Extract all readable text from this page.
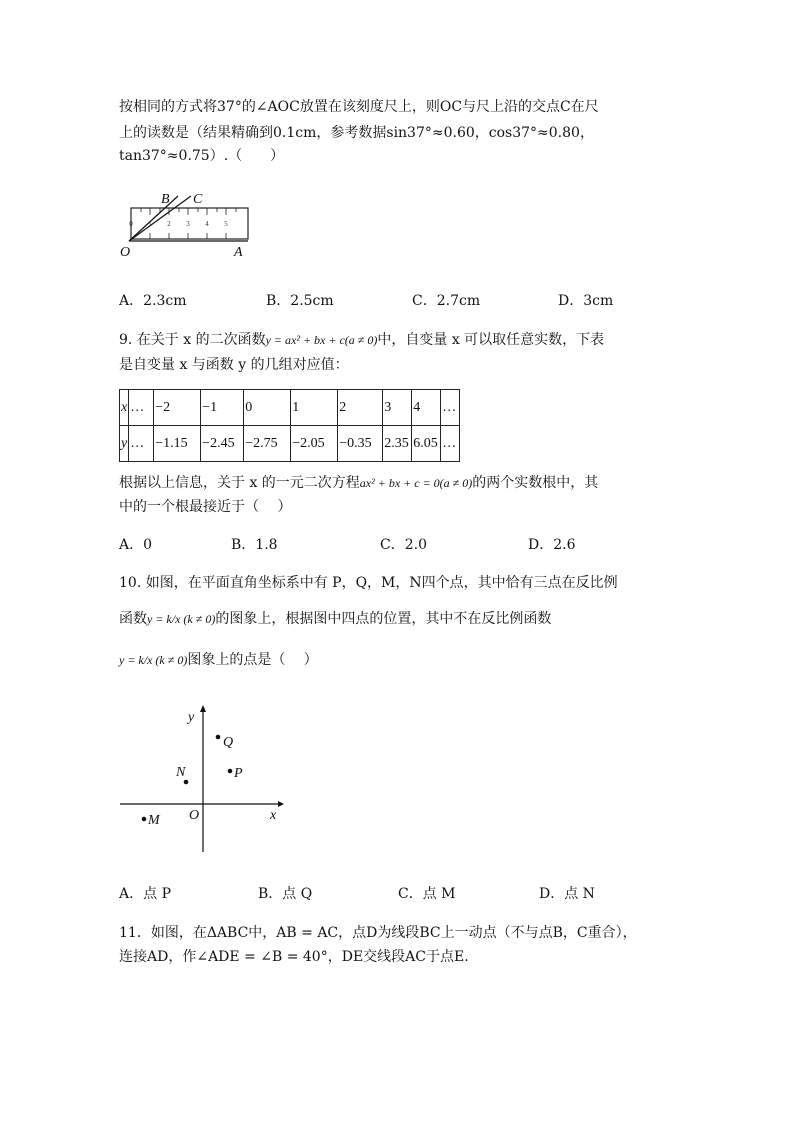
按相同的方式将37°的∠AOC放置在该刻度尺上，则OC与尺上沿的交点C在尺
上的读数是（结果精确到0.1cm，参考数据sin37°≈0.60，cos37°≈0.80，
tan37°≈0.75）.（　　）
0 1 2 3 4 5
B C
O	A
A．2.3cm	B．2.5cm	C．2.7cm	D．3cm
9. 在关于 x 的二次函数y = ax² + bx + c(a ≠ 0)中，自变量 x 可以取任意实数，下表
是自变量 x 与函数 y 的几组对应值：
x	…	−2	−1	0	1	2	3	4	…
y	…	−1.15	−2.45	−2.75	−2.05	−0.35	2.35	6.05	…
根据以上信息，关于 x 的一元二次方程ax² + bx + c = 0(a ≠ 0)的两个实数根中，其
中的一个根最接近于（　 ）
A．0	B．1.8	C．2.0	D．2.6
10. 如图，在平面直角坐标系中有 P，Q，M，N四个点，其中恰有三点在反比例
函数y = k/x (k ≠ 0)的图象上，根据图中四点的位置，其中不在反比例函数
y = k/x (k ≠ 0)图象上的点是（　 ）
x
y
O
Q
P
N
M
A．点 P	B．点 Q	C．点 M	D．点 N
11．如图，在ΔABC中，AB = AC，点D为线段BC上一动点（不与点B，C重合），
连接AD，作∠ADE = ∠B = 40°，DE交线段AC于点E.
